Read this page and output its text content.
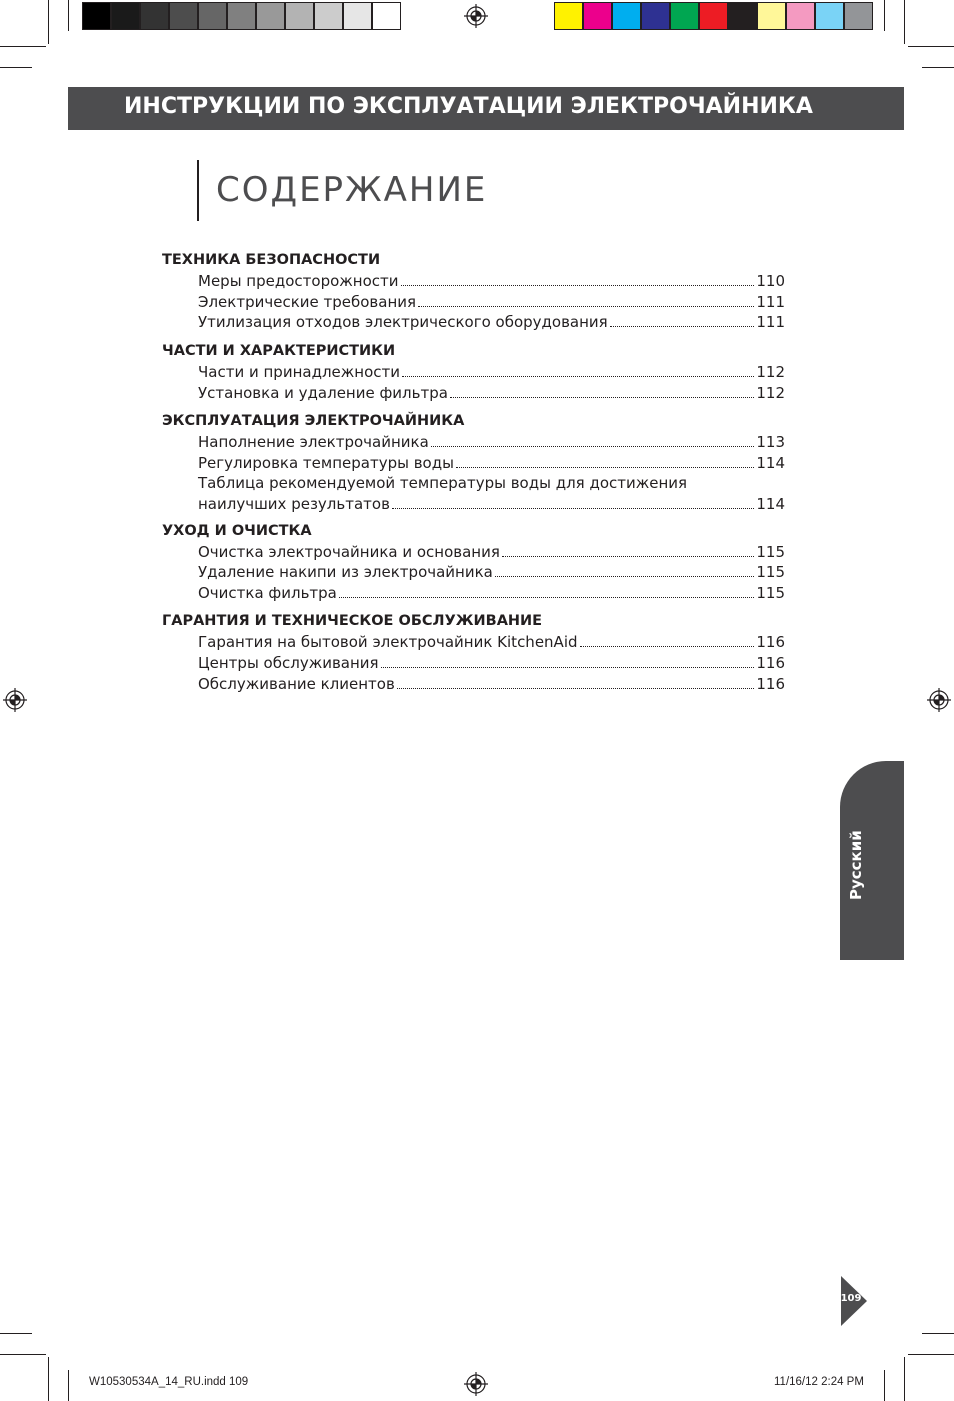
ИНСТРУКЦИИ ПО ЭКСПЛУАТАЦИИ ЭЛЕКТРОЧАЙНИКА
СОДЕРЖАНИЕ
ТЕХНИКА БЕЗОПАСНОСТИ
Меры предосторожности	110
Электрические требования	111
Утилизация отходов электрического оборудования	111
ЧАСТИ И ХАРАКТЕРИСТИКИ
Части и принадлежности	112
Установка и удаление фильтра	112
ЭКСПЛУАТАЦИЯ ЭЛЕКТРОЧАЙНИКА
Наполнение электрочайника	113
Регулировка температуры воды	114
Таблица рекомендуемой температуры воды для достижения
наилучших результатов	114
УХОД И ОЧИСТКА
Очистка электрочайника и основания	115
Удаление накипи из электрочайника	115
Очистка фильтра	115
ГАРАНТИЯ И ТЕХНИЧЕСКОЕ ОБСЛУЖИВАНИЕ
Гарантия на бытовой электрочайник KitchenAid	116
Центры обслуживания	116
Обслуживание клиентов	116
Русский
109
W10530534A_14_RU.indd 109	11/16/12 2:24 PM
